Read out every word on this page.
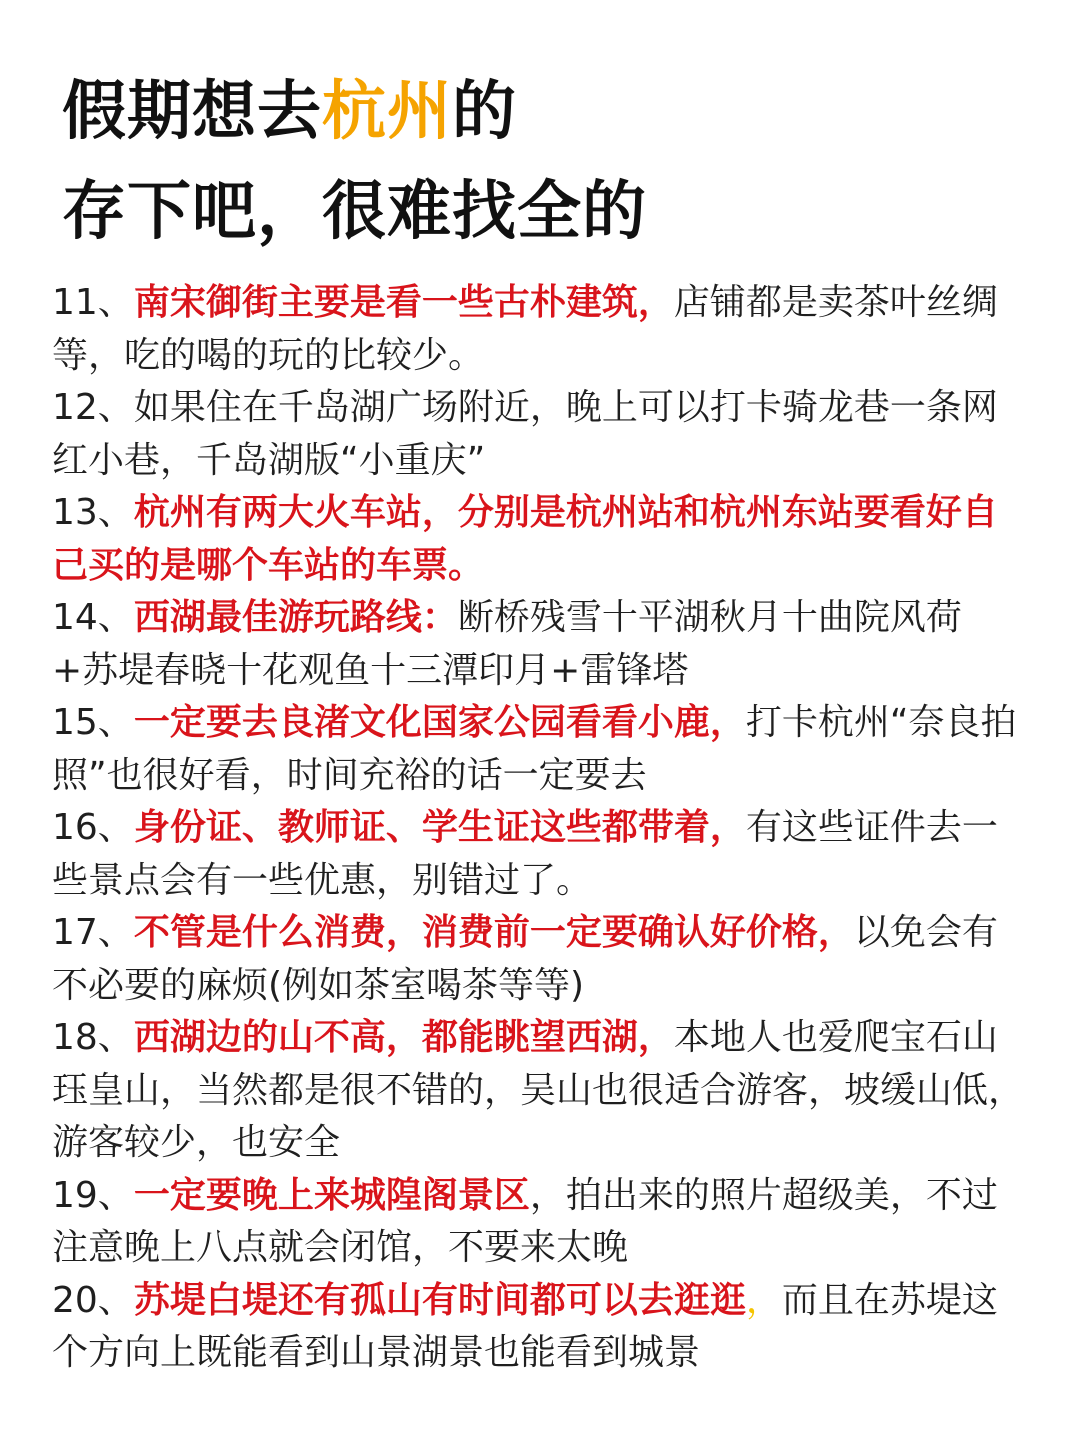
假期想去杭州的
存下吧，很难找全的
11、南宋御街主要是看一些古朴建筑，店铺都是卖茶叶丝绸等，吃的喝的玩的比较少。
12、如果住在千岛湖广场附近，晚上可以打卡骑龙巷一条网红小巷，千岛湖版“小重庆”
13、杭州有两大火车站，分别是杭州站和杭州东站要看好自己买的是哪个车站的车票。
14、西湖最佳游玩路线：断桥残雪十平湖秋月十曲院风荷+苏堤春晓十花观鱼十三潭印月+雷锋塔
15、一定要去良渚文化国家公园看看小鹿，打卡杭州“奈良拍照”也很好看，时间充裕的话一定要去
16、身份证、教师证、学生证这些都带着，有这些证件去一些景点会有一些优惠，别错过了。
17、不管是什么消费，消费前一定要确认好价格，以免会有不必要的麻烦(例如茶室喝茶等等)
18、西湖边的山不高，都能眺望西湖，本地人也爱爬宝石山珏皇山，当然都是很不错的，吴山也很适合游客，坡缓山低，游客较少，也安全
19、一定要晚上来城隍阁景区，拍出来的照片超级美，不过注意晚上八点就会闭馆，不要来太晚
20、苏堤白堤还有孤山有时间都可以去逛逛，而且在苏堤这个方向上既能看到山景湖景也能看到城景
